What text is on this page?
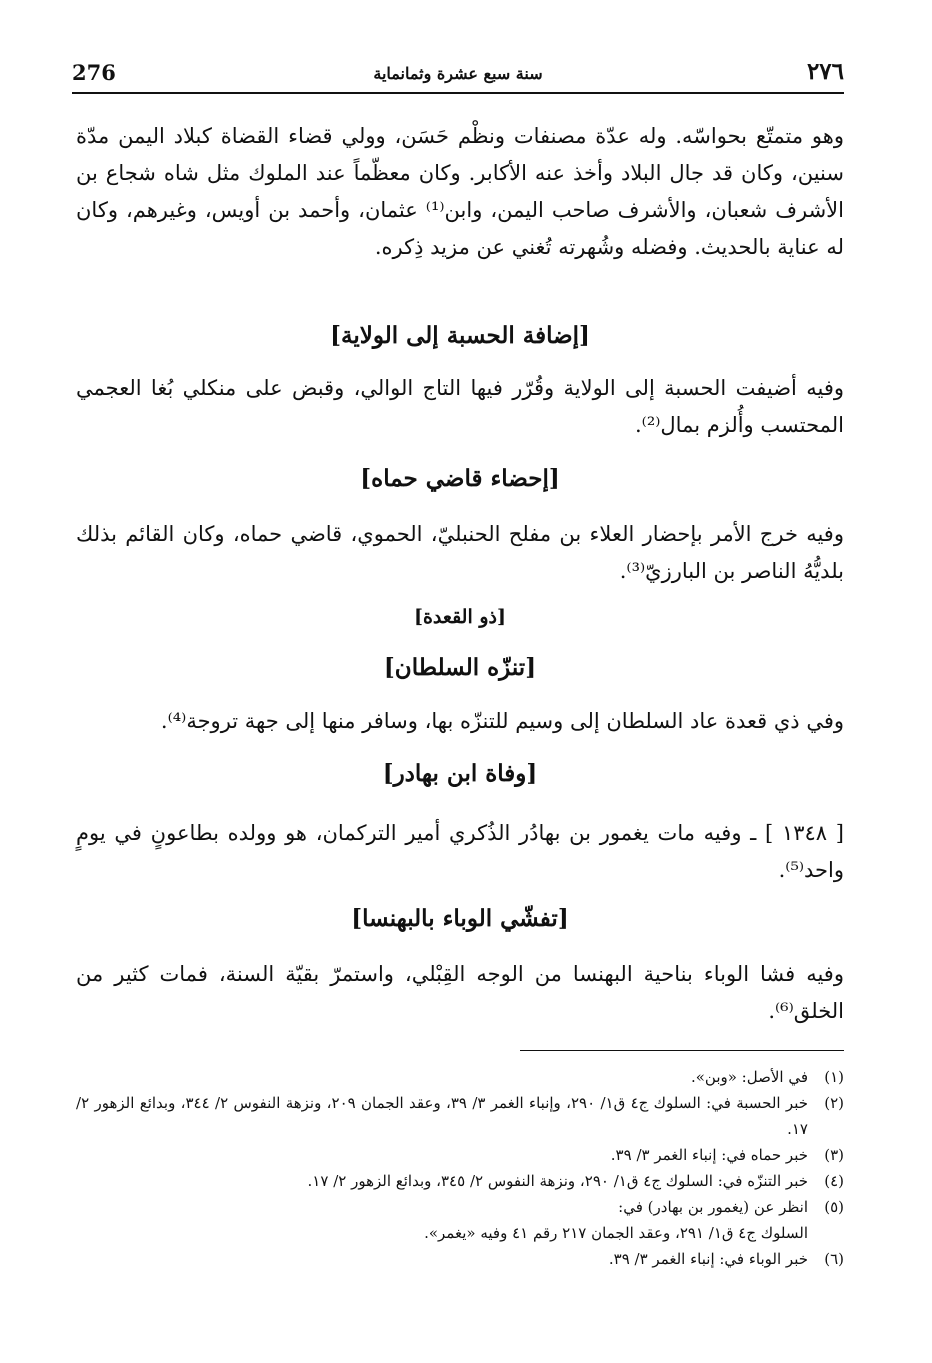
276	سنة سبع عشرة وثمانماية	٢٧٦

وهو متمتّع بحواسّه. وله عدّة مصنفات ونظْم حَسَن، وولي قضاء القضاة كبلاد اليمن مدّة سنين، وكان قد جال البلاد وأخذ عنه الأكابر. وكان معظّماً عند الملوك مثل شاه شجاع بن الأشرف شعبان، والأشرف صاحب اليمن، وابن⁽¹⁾ عثمان، وأحمد بن أويس، وغيرهم، وكان له عناية بالحديث. وفضله وشُهرته تُغني عن مزيد ذِكره.

[إضافة الحسبة إلى الولاية]

وفيه أضيفت الحسبة إلى الولاية وقُرّر فيها التاج الوالي، وقبض على منكلي بُغا العجمي المحتسب وأُلزم بمال⁽²⁾.

[إحضاء قاضي حماه]

وفيه خرج الأمر بإحضار العلاء بن مفلح الحنبليّ، الحموي، قاضي حماه، وكان القائم بذلك بلديُّهُ الناصر بن البارزيّ⁽³⁾.

[ذو القعدة]
[تنزّه السلطان]

وفي ذي قعدة عاد السلطان إلى وسيم للتنزّه بها، وسافر منها إلى جهة تروجة⁽⁴⁾.

[وفاة ابن بهادر]

[ ١٣٤٨ ] ـ وفيه مات يغمور بن بهادُر الذُكري أمير التركمان، هو وولده بطاعونٍ في يومٍ واحد⁽⁵⁾.

[تفشّي الوباء بالبهنسا]

وفيه فشا الوباء بناحية البهنسا من الوجه القِبْلي، واستمرّ بقيّة السنة، فمات كثير من الخلق⁽⁶⁾.

(١)
في الأصل: «وبن».
(٢)
خبر الحسبة في: السلوك ج٤ ق١/ ٢٩٠، وإنباء الغمر ٣/ ٣٩، وعقد الجمان ٢٠٩، ونزهة النفوس ٢/ ٣٤٤، وبدائع الزهور ٢/ ١٧.
(٣)
خبر حماه في: إنباء الغمر ٣/ ٣٩.
(٤)
خبر التنزّه في: السلوك ج٤ ق١/ ٢٩٠، ونزهة النفوس ٢/ ٣٤٥، وبدائع الزهور ٢/ ١٧.
(٥)
انظر عن (يغمور بن بهادر) في:
السلوك ج٤ ق١/ ٢٩١، وعقد الجمان ٢١٧ رقم ٤١ وفيه «يغمر».
(٦)
خبر الوباء في: إنباء الغمر ٣/ ٣٩.
